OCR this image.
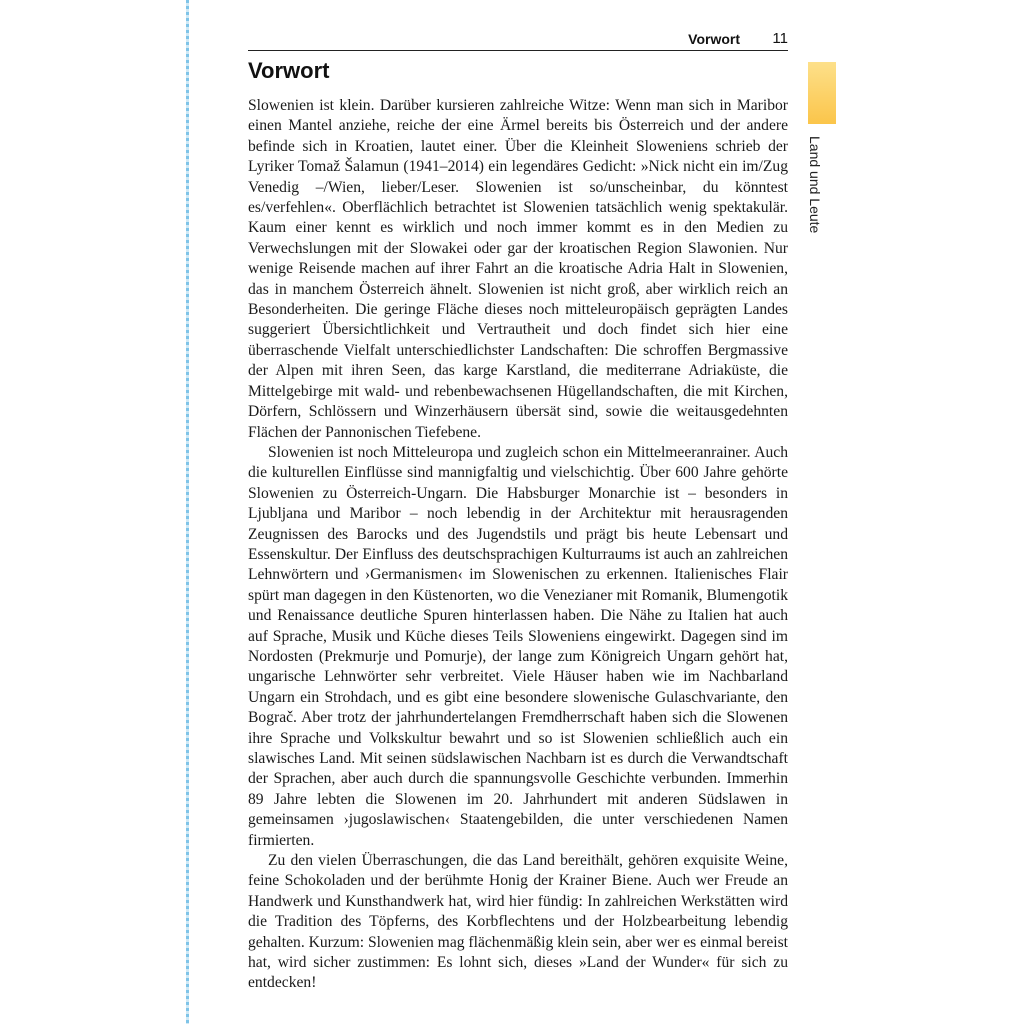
Vorwort 11
Land und Leute
Vorwort

Slowenien ist klein. Darüber kursieren zahlreiche Witze: Wenn man sich in Maribor einen Mantel anziehe, reiche der eine Ärmel bereits bis Österreich und der andere befinde sich in Kroatien, lautet einer. Über die Kleinheit Sloweniens schrieb der Lyriker Tomaž Šalamun (1941–2014) ein legendäres Gedicht: »Nick nicht ein im/Zug Venedig –/Wien, lieber/Leser. Slowenien ist so/unscheinbar, du könntest es/verfehlen«. Oberflächlich betrachtet ist Slowenien tatsächlich wenig spektakulär. Kaum einer kennt es wirklich und noch immer kommt es in den Medien zu Verwechslungen mit der Slowakei oder gar der kroatischen Region Slawonien. Nur wenige Reisende machen auf ihrer Fahrt an die kroatische Adria Halt in Slowenien, das in manchem Österreich ähnelt. Slowenien ist nicht groß, aber wirklich reich an Besonderheiten. Die geringe Fläche dieses noch mitteleuropäisch geprägten Landes suggeriert Übersichtlichkeit und Vertrautheit und doch findet sich hier eine überraschende Vielfalt unterschiedlichster Landschaften: Die schroffen Bergmassive der Alpen mit ihren Seen, das karge Karstland, die mediterrane Adriaküste, die Mittelgebirge mit wald- und rebenbewachsenen Hügellandschaften, die mit Kirchen, Dörfern, Schlössern und Winzerhäusern übersät sind, sowie die weitausgedehnten Flächen der Pannonischen Tiefebene.

Slowenien ist noch Mitteleuropa und zugleich schon ein Mittelmeeranrainer. Auch die kulturellen Einflüsse sind mannigfaltig und vielschichtig. Über 600 Jahre gehörte Slowenien zu Österreich-Ungarn. Die Habsburger Monarchie ist – besonders in Ljubljana und Maribor – noch lebendig in der Architektur mit herausragenden Zeugnissen des Barocks und des Jugendstils und prägt bis heute Lebensart und Essenskultur. Der Einfluss des deutschsprachigen Kulturraums ist auch an zahlreichen Lehnwörtern und ›Germanismen‹ im Slowenischen zu erkennen. Italienisches Flair spürt man dagegen in den Küstenorten, wo die Venezianer mit Romanik, Blumengotik und Renaissance deutliche Spuren hinterlassen haben. Die Nähe zu Italien hat auch auf Sprache, Musik und Küche dieses Teils Sloweniens eingewirkt. Dagegen sind im Nordosten (Prekmurje und Pomurje), der lange zum Königreich Ungarn gehört hat, ungarische Lehnwörter sehr verbreitet. Viele Häuser haben wie im Nachbarland Ungarn ein Strohdach, und es gibt eine besondere slowenische Gulaschvariante, den Bograč. Aber trotz der jahrhundertelangen Fremdherrschaft haben sich die Slowenen ihre Sprache und Volkskultur bewahrt und so ist Slowenien schließlich auch ein slawisches Land. Mit seinen südslawischen Nachbarn ist es durch die Verwandtschaft der Sprachen, aber auch durch die spannungsvolle Geschichte verbunden. Immerhin 89 Jahre lebten die Slowenen im 20. Jahrhundert mit anderen Südslawen in gemeinsamen ›jugoslawischen‹ Staatengebilden, die unter verschiedenen Namen firmierten.

Zu den vielen Überraschungen, die das Land bereithält, gehören exquisite Weine, feine Schokoladen und der berühmte Honig der Krainer Biene. Auch wer Freude an Handwerk und Kunsthandwerk hat, wird hier fündig: In zahlreichen Werkstätten wird die Tradition des Töpferns, des Korbflechtens und der Holzbearbeitung lebendig gehalten. Kurzum: Slowenien mag flächenmäßig klein sein, aber wer es einmal bereist hat, wird sicher zustimmen: Es lohnt sich, dieses »Land der Wunder« für sich zu entdecken!
